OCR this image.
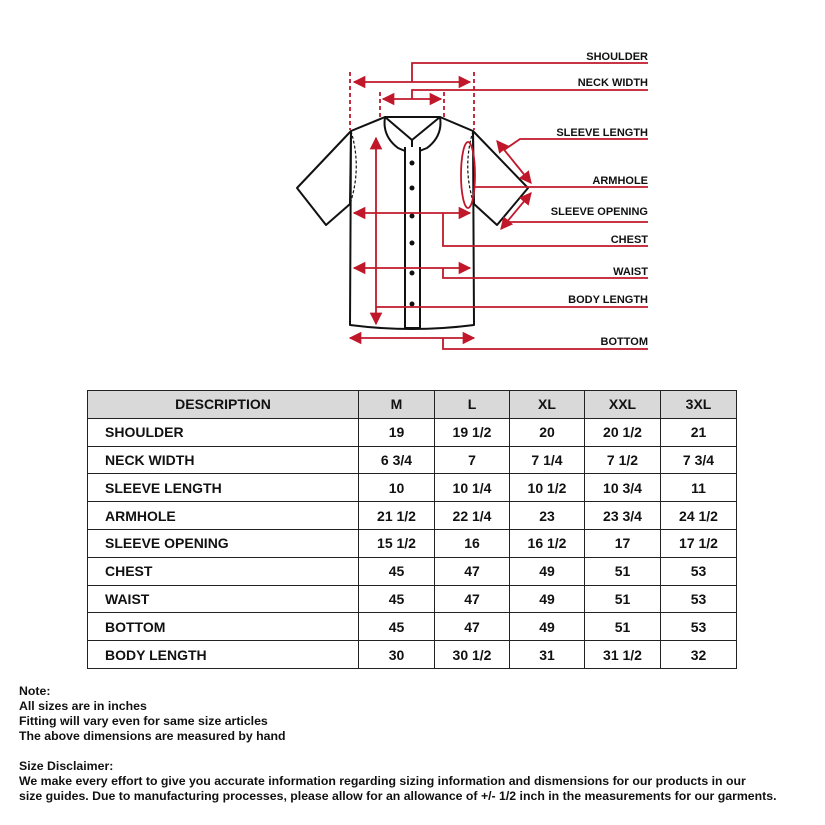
SHOULDER
NECK WIDTH
SLEEVE LENGTH
ARMHOLE
SLEEVE OPENING
CHEST
WAIST
BODY LENGTH
BOTTOM
DESCRIPTION	M	L	XL	XXL	3XL
SHOULDER	19	19 1/2	20	20 1/2	21
NECK WIDTH	6 3/4	7	7 1/4	7 1/2	7 3/4
SLEEVE LENGTH	10	10 1/4	10 1/2	10 3/4	11
ARMHOLE	21 1/2	22 1/4	23	23 3/4	24 1/2
SLEEVE OPENING	15 1/2	16	16 1/2	17	17 1/2
CHEST	45	47	49	51	53
WAIST	45	47	49	51	53
BOTTOM	45	47	49	51	53
BODY LENGTH	30	30 1/2	31	31 1/2	32
Note:
All sizes are in inches
Fitting will vary even for same size articles
The above dimensions are measured by hand
Size Disclaimer:
We make every effort to give you accurate information regarding sizing information and dismensions for our products in our
size guides. Due to manufacturing processes, please allow for an allowance of +/- 1/2 inch in the measurements for our garments.
